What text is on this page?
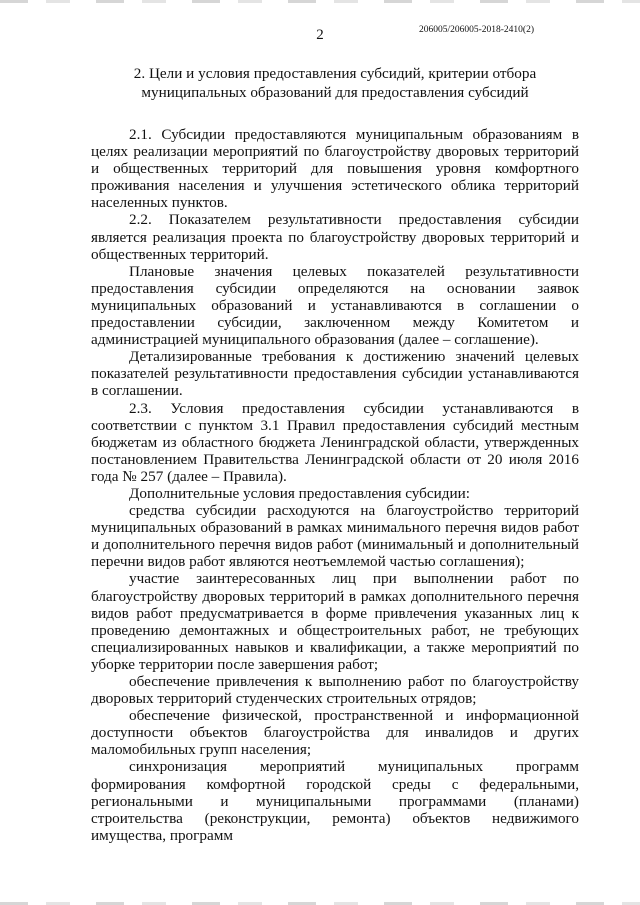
2	206005/206005-2018-2410(2)
2. Цели и условия предоставления субсидий, критерии отбора
муниципальных образований для предоставления субсидий

2.1. Субсидии предоставляются муниципальным образованиям в целях реализации мероприятий по благоустройству дворовых территорий и общественных территорий для повышения уровня комфортного проживания населения и улучшения эстетического облика территорий населенных пунктов.

2.2. Показателем результативности предоставления субсидии является реализация проекта по благоустройству дворовых территорий и общественных территорий.

Плановые значения целевых показателей результативности предоставления субсидии определяются на основании заявок муниципальных образований и устанавливаются в соглашении о предоставлении субсидии, заключенном между Комитетом и администрацией муниципального образования (далее – соглашение).

Детализированные требования к достижению значений целевых показателей результативности предоставления субсидии устанавливаются в соглашении.

2.3. Условия предоставления субсидии устанавливаются в соответствии с пунктом 3.1 Правил предоставления субсидий местным бюджетам из областного бюджета Ленинградской области, утвержденных постановлением Правительства Ленинградской области от 20 июля 2016 года № 257 (далее – Правила).

Дополнительные условия предоставления субсидии:

средства субсидии расходуются на благоустройство территорий муниципальных образований в рамках минимального перечня видов работ и дополнительного перечня видов работ (минимальный и дополнительный перечни видов работ являются неотъемлемой частью соглашения);

участие заинтересованных лиц при выполнении работ по благоустройству дворовых территорий в рамках дополнительного перечня видов работ предусматривается в форме привлечения указанных лиц к проведению демонтажных и общестроительных работ, не требующих специализированных навыков и квалификации, а также мероприятий по уборке территории после завершения работ;

обеспечение привлечения к выполнению работ по благоустройству дворовых территорий студенческих строительных отрядов;

обеспечение физической, пространственной и информационной доступности объектов благоустройства для инвалидов и других маломобильных групп населения;

синхронизация мероприятий муниципальных программ формирования комфортной городской среды с федеральными, региональными и муниципальными программами (планами) строительства (реконструкции, ремонта) объектов недвижимого имущества, программ
